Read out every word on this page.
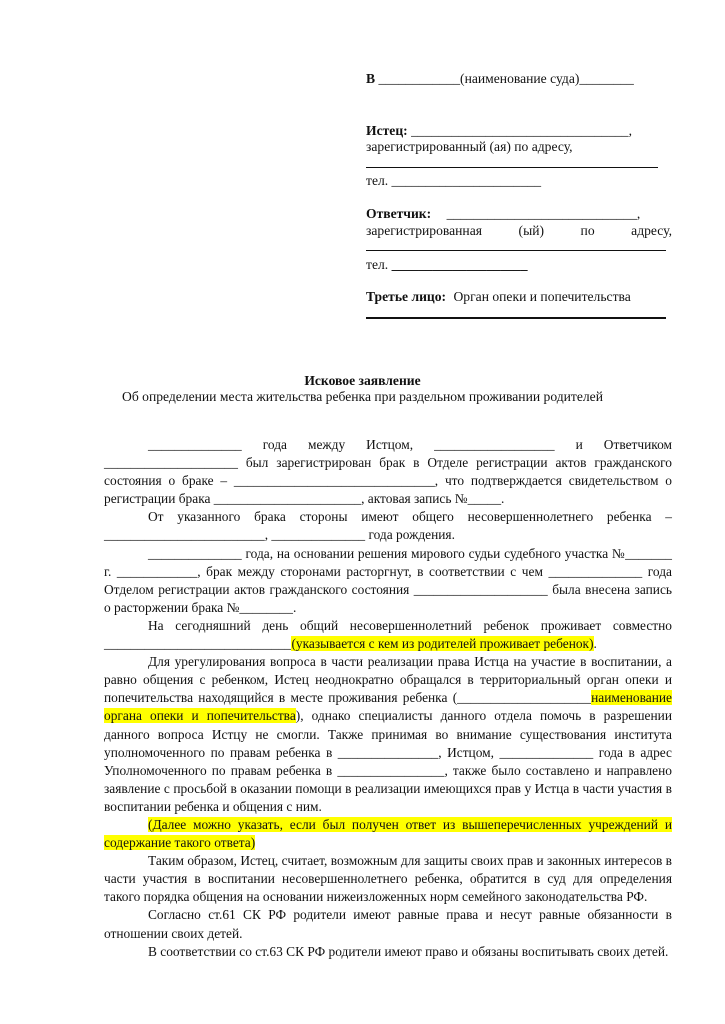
В ____________(наименование суда)________
Истец: ________________________________,
зарегистрированный (ая) по адресу,
тел. ______________________
Ответчик: ____________________________,
зарегистрированная (ый) по адресу,
тел. ____________________
Третье лицо: Орган опеки и попечительства
Исковое заявление
Об определении места жительства ребенка при раздельном проживании родителей

______________ года между Истцом, __________________ и Ответчиком ____________________ был зарегистрирован брак в Отделе регистрации актов гражданского состояния о браке – ______________________________, что подтверждается свидетельством о регистрации брака ______________________, актовая запись №_____.

От указанного брака стороны имеют общего несовершеннолетнего ребенка – ________________________, ______________ года рождения.

______________ года, на основании решения мирового судьи судебного участка №_______ г. ____________, брак между сторонами расторгнут, в соответствии с чем ______________ года Отделом регистрации актов гражданского состояния ____________________ была внесена запись о расторжении брака №________.

На сегодняшний день общий несовершеннолетний ребенок проживает совместно ____________________________(указывается с кем из родителей проживает ребенок).

Для урегулирования вопроса в части реализации права Истца на участие в воспитании, а равно общения с ребенком, Истец неоднократно обращался в территориальный орган опеки и попечительства находящийся в месте проживания ребенка (____________________наименование органа опеки и попечительства), однако специалисты данного отдела помочь в разрешении данного вопроса Истцу не смогли. Также принимая во внимание существования института уполномоченного по правам ребенка в _______________, Истцом, ______________ года в адрес Уполномоченного по правам ребенка в ________________, также было составлено и направлено заявление с просьбой в оказании помощи в реализации имеющихся прав у Истца в части участия в воспитании ребенка и общения с ним.

(Далее можно указать, если был получен ответ из вышеперечисленных учреждений и содержание такого ответа)

Таким образом, Истец, считает, возможным для защиты своих прав и законных интересов в части участия в воспитании несовершеннолетнего ребенка, обратится в суд для определения такого порядка общения на основании нижеизложенных норм семейного законодательства РФ.

Согласно ст.61 СК РФ родители имеют равные права и несут равные обязанности в отношении своих детей.

В соответствии со ст.63 СК РФ родители имеют право и обязаны воспитывать своих детей.
